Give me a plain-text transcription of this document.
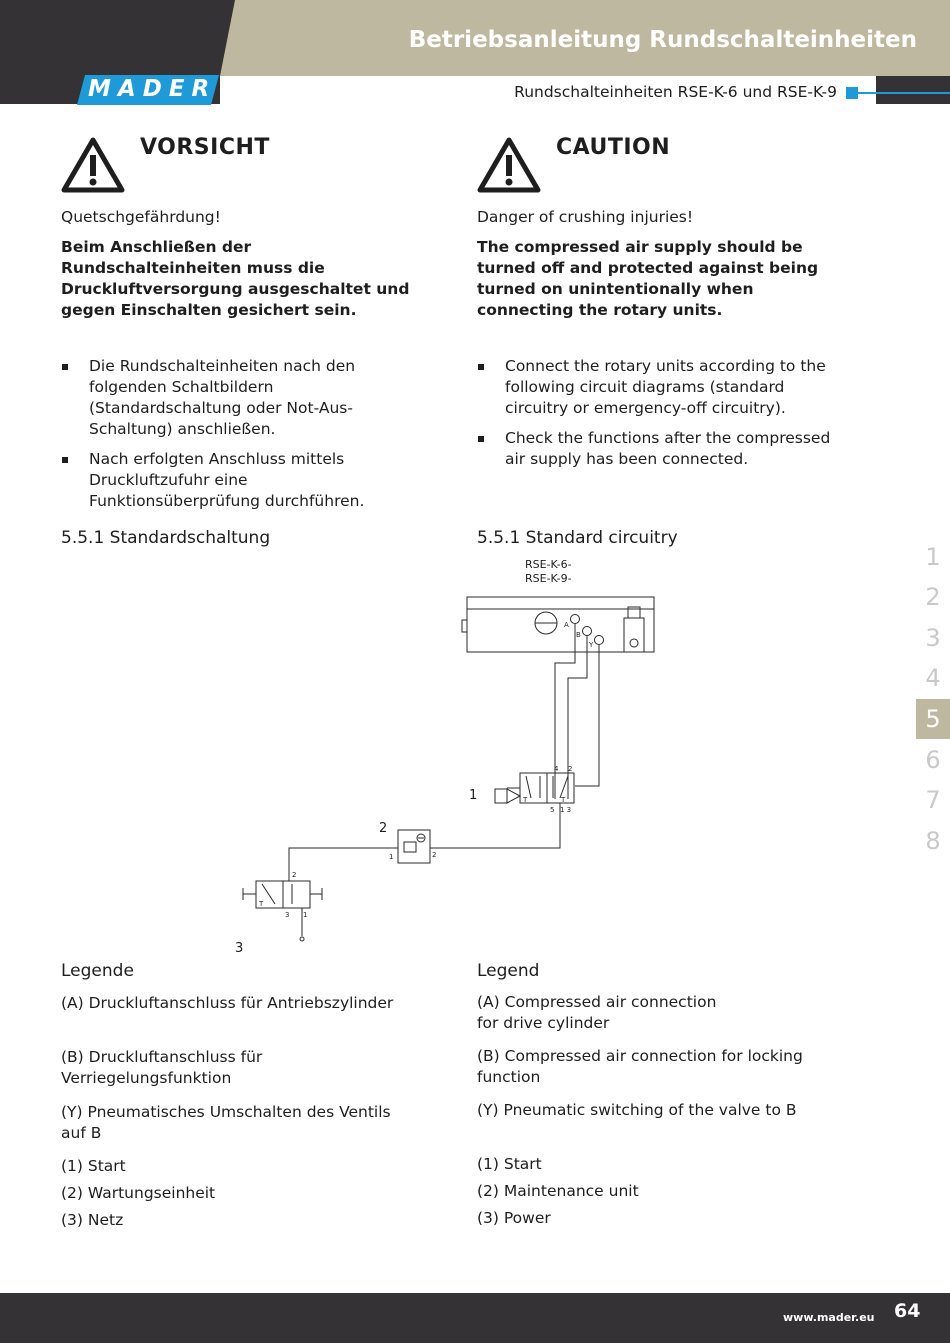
Betriebsanleitung Rundschalteinheiten
MADER	Rundschalteinheiten RSE-K-6 und RSE-K-9
VORSICHT
Quetschgefährdung!
Beim Anschließen der Rundschalteinheiten muss die Druckluftversorgung ausgeschaltet und gegen Einschalten gesichert sein.
Die Rundschalteinheiten nach den folgenden Schaltbildern (Standardschaltung oder Not-Aus-Schaltung) anschließen.
Nach erfolgten Anschluss mittels Druckluftzufuhr eine Funktionsüberprüfung durchführen.
5.5.1 Standardschaltung
CAUTION
Danger of crushing injuries!
The compressed air supply should be turned off and protected against being turned on unintentionally when connecting the rotary units.
Connect the rotary units according to the following circuit diagrams (standard circuitry or emergency-off circuitry).
Check the functions after the compressed air supply has been connected.
5.5.1 Standard circuitry
A
B
Y
4 2
5 1 3
T	T
1	2
2
3 1
T
RSE-K-6-
RSE-K-9-
1
2
3
Legende
(A) Druckluftanschluss für Antriebszylinder
(B) Druckluftanschluss für Verriegelungsfunktion
(Y) Pneumatisches Umschalten des Ventils auf B
(1) Start
(2) Wartungseinheit
(3) Netz
Legend
(A) Compressed air connection for drive cylinder
(B) Compressed air connection for locking function
(Y) Pneumatic switching of the valve to B
(1) Start
(2) Maintenance unit
(3) Power
1
2
3
4
5
6
7
8
www.mader.eu 64
